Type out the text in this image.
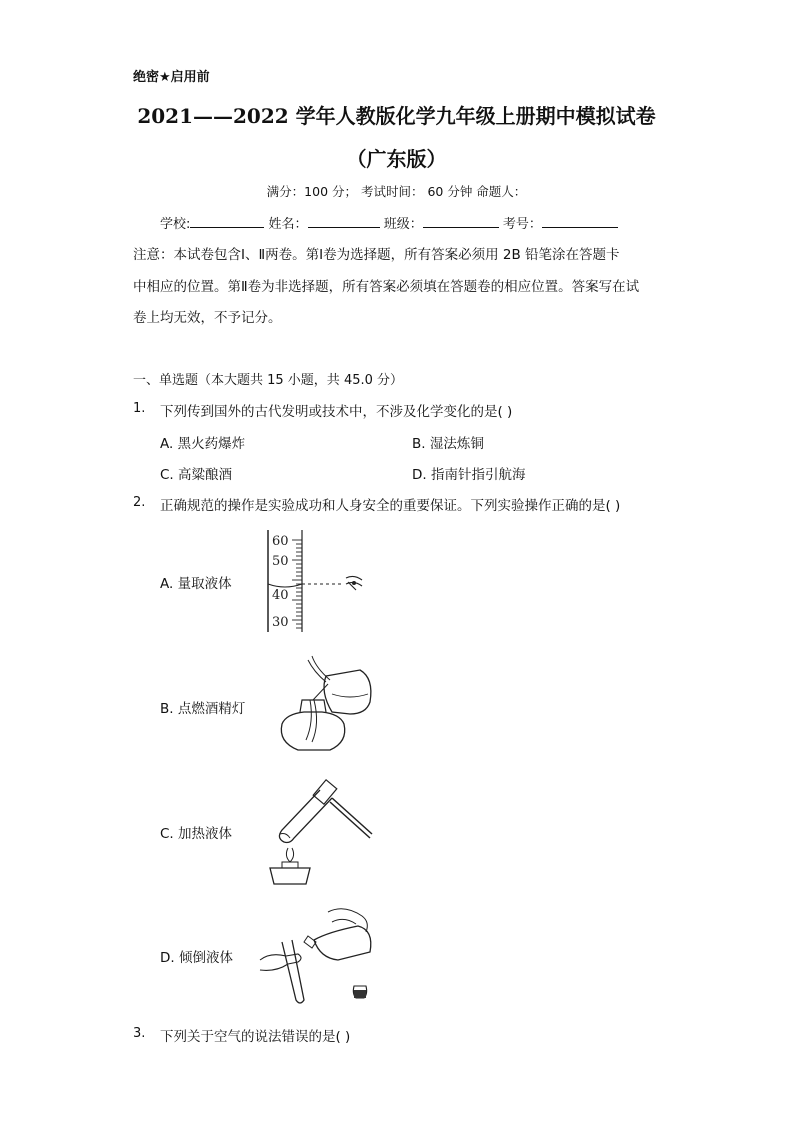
绝密★启用前
2021——2022 学年人教版化学九年级上册期中模拟试卷
（广东版）
满分：100 分； 考试时间： 60 分钟 命题人：
学校:	姓名：	班级：	考号：
注意：本试卷包含Ⅰ、Ⅱ两卷。第Ⅰ卷为选择题，所有答案必须用 2B 铅笔涂在答题卡
中相应的位置。第Ⅱ卷为非选择题，所有答案必须填在答题卷的相应位置。答案写在试
卷上均无效，不予记分。
一、单选题（本大题共 15 小题，共 45.0 分）
1. 下列传到国外的古代发明或技术中，不涉及化学变化的是( )
A. 黑火药爆炸	B. 湿法炼铜
C. 高粱酿酒	D. 指南针指引航海
2. 正确规范的操作是实验成功和人身安全的重要保证。下列实验操作正确的是( )
A. 量取液体
B. 点燃酒精灯
C. 加热液体
D. 倾倒液体
60
50
40
30
3. 下列关于空气的说法错误的是( )
